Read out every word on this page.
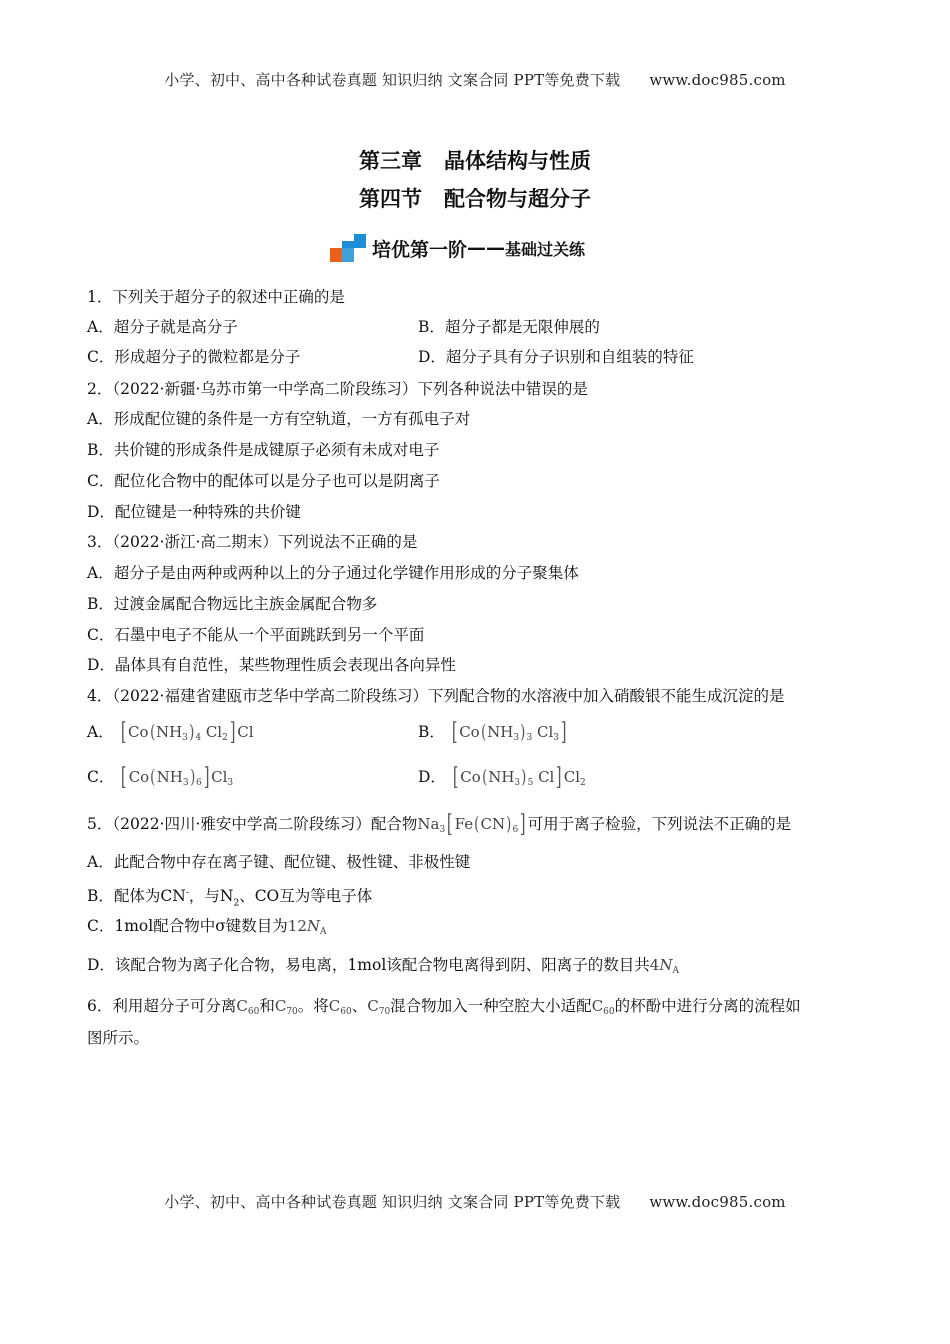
小学、初中、高中各种试卷真题 知识归纳 文案合同 PPT等免费下载 www.doc985.com
第三章 晶体结构与性质
第四节 配合物与超分子
培优第一阶 —— 基础过关练
1．下列关于超分子的叙述中正确的是
A．超分子就是高分子	B．超分子都是无限伸展的
C．形成超分子的微粒都是分子	D．超分子具有分子识别和自组装的特征
2．（2022·新疆·乌苏市第一中学高二阶段练习）下列各种说法中错误的是
A．形成配位键的条件是一方有空轨道，一方有孤电子对
B．共价键的形成条件是成键原子必须有未成对电子
C．配位化合物中的配体可以是分子也可以是阴离子
D．配位键是一种特殊的共价键
3．（2022·浙江·高二期末）下列说法不正确的是
A．超分子是由两种或两种以上的分子通过化学键作用形成的分子聚集体
B．过渡金属配合物远比主族金属配合物多
C．石墨中电子不能从一个平面跳跃到另一个平面
D．晶体具有自范性，某些物理性质会表现出各向异性
4．（2022·福建省建瓯市芝华中学高二阶段练习）下列配合物的水溶液中加入硝酸银不能生成沉淀的是
A． [ $Co(NH_3)_4$ $Cl_2$] Cl	B． [ $Co(NH_3)_3$ $Cl_3$]
C． [ $Co(NH_3)_6$] $Cl_3$	D． [ $Co(NH_3)_5$ Cl] $Cl_2$
5．（2022·四川·雅安中学高二阶段练习）配合物$Na_3$[ $Fe(CN)_6$] 可用于离子检验，下列说法不正确的是
A．此配合物中存在离子键、配位键、极性键、非极性键
B．配体为CN-，与$N_2$、CO互为等电子体
C．1mol配合物中σ键数目为$12N_A$
D．该配合物为离子化合物，易电离，1mol该配合物电离得到阴、阳离子的数目共$4N_A$
6．利用超分子可分离$C_{60}$和$C_{70}$。将$C_{60}$、$C_{70}$混合物加入一种空腔大小适配$C_{60}$的杯酚中进行分离的流程如
图所示。
小学、初中、高中各种试卷真题 知识归纳 文案合同 PPT等免费下载 www.doc985.com
